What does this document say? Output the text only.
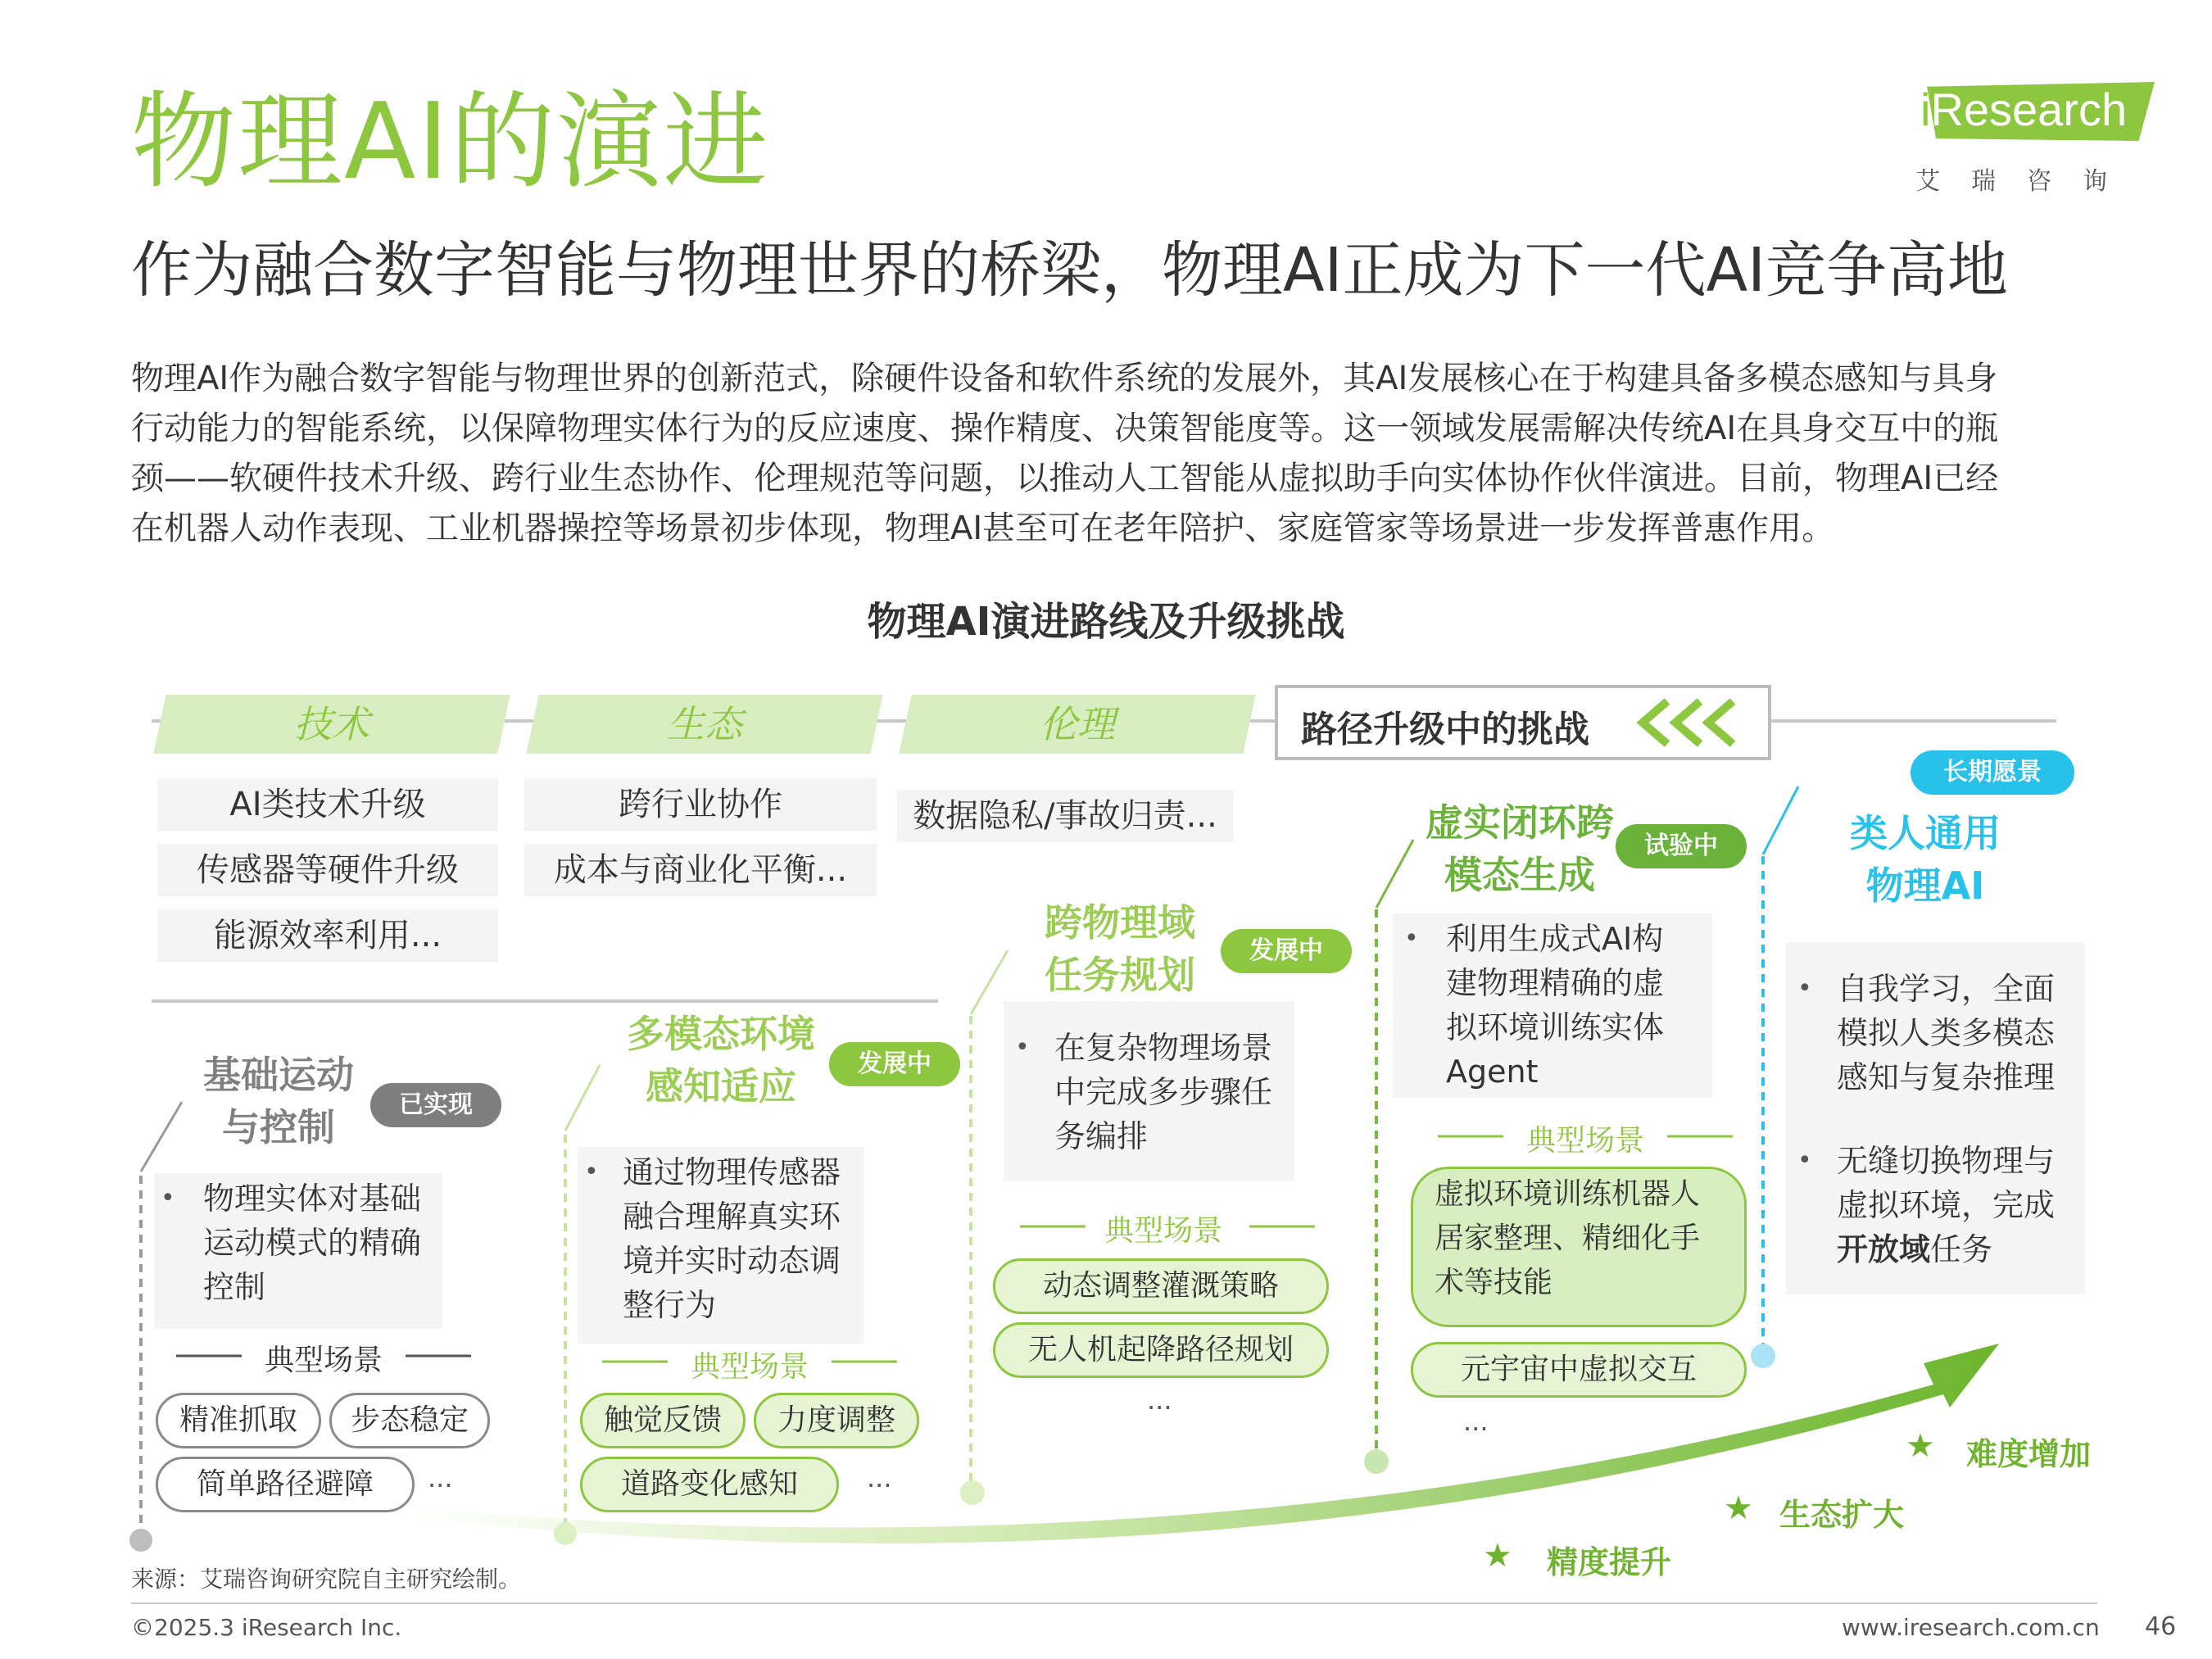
物理AI的演进
作为融合数字智能与物理世界的桥梁，物理AI正成为下一代AI竞争高地
iResearch
艾瑞咨询

物理AI作为融合数字智能与物理世界的创新范式，除硬件设备和软件系统的发展外，其AI发展核心在于构建具备多模态感知与具身

行动能力的智能系统，以保障物理实体行为的反应速度、操作精度、决策智能度等。这一领域发展需解决传统AI在具身交互中的瓶

颈——软硬件技术升级、跨行业生态协作、伦理规范等问题，以推动人工智能从虚拟助手向实体协作伙伴演进。目前，物理AI已经

在机器人动作表现、工业机器操控等场景初步体现，物理AI甚至可在老年陪护、家庭管家等场景进一步发挥普惠作用。

物理AI演进路线及升级挑战
技术	生态	伦理	路径升级中的挑战
AI类技术升级
传感器等硬件升级
能源效率利用...
跨行业协作
成本与商业化平衡...
数据隐私/事故归责...
基础运动
与控制
已实现
• 物理实体对基础
运动模式的精确
控制
典型场景
精准抓取	步态稳定
简单路径避障	...
多模态环境
感知适应
发展中
• 通过物理传感器
融合理解真实环
境并实时动态调
整行为
典型场景
触觉反馈	力度调整
道路变化感知	...
跨物理域
任务规划
发展中
• 在复杂物理场景
中完成多步骤任
务编排
典型场景
动态调整灌溉策略
无人机起降路径规划
...
虚实闭环跨
模态生成
试验中
• 利用生成式AI构
建物理精确的虚
拟环境训练实体
Agent
典型场景
虚拟环境训练机器人
居家整理、精细化手
术等技能
元宇宙中虚拟交互
...
长期愿景
类人通用
物理AI
• 自我学习，全面
模拟人类多模态
感知与复杂推理
• 无缝切换物理与
虚拟环境，完成
开放域任务
★ 精度提升
★ 生态扩大
★ 难度增加
来源：艾瑞咨询研究院自主研究绘制。
©2025.3 iResearch Inc.	www.iresearch.com.cn 46
